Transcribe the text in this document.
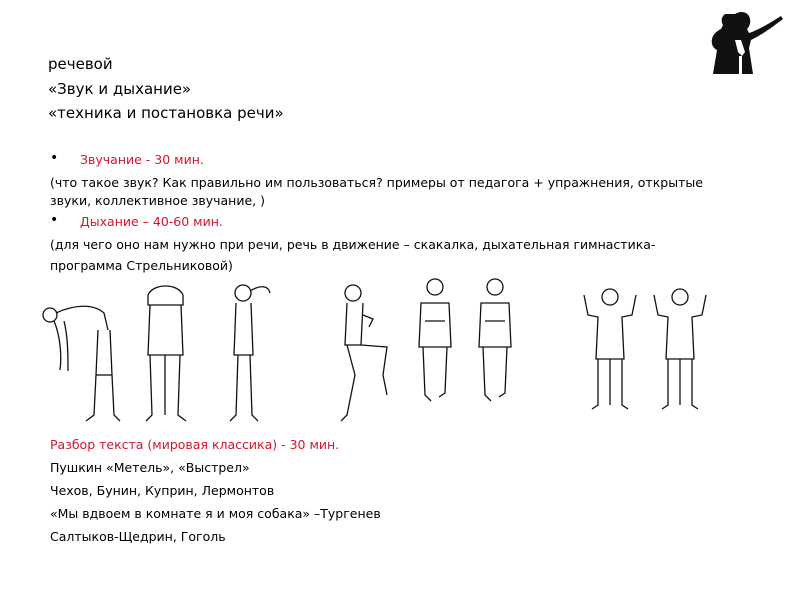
речевой
«Звук и дыхание»
«техника и постановка речи»
• Звучание - 30 мин.
(что такое звук? Как правильно им пользоваться? примеры от педагога + упражнения, открытые
звуки, коллективное звучание, )
• Дыхание – 40-60 мин.
(для чего оно нам нужно при речи, речь в движение – скакалка, дыхательная гимнастика-
программа Стрельниковой)
Разбор текста (мировая классика) - 30 мин.
Пушкин «Метель», «Выстрел»
Чехов, Бунин, Куприн, Лермонтов
«Мы вдвоем в комнате я и моя собака» –Тургенев
Салтыков-Щедрин, Гоголь
